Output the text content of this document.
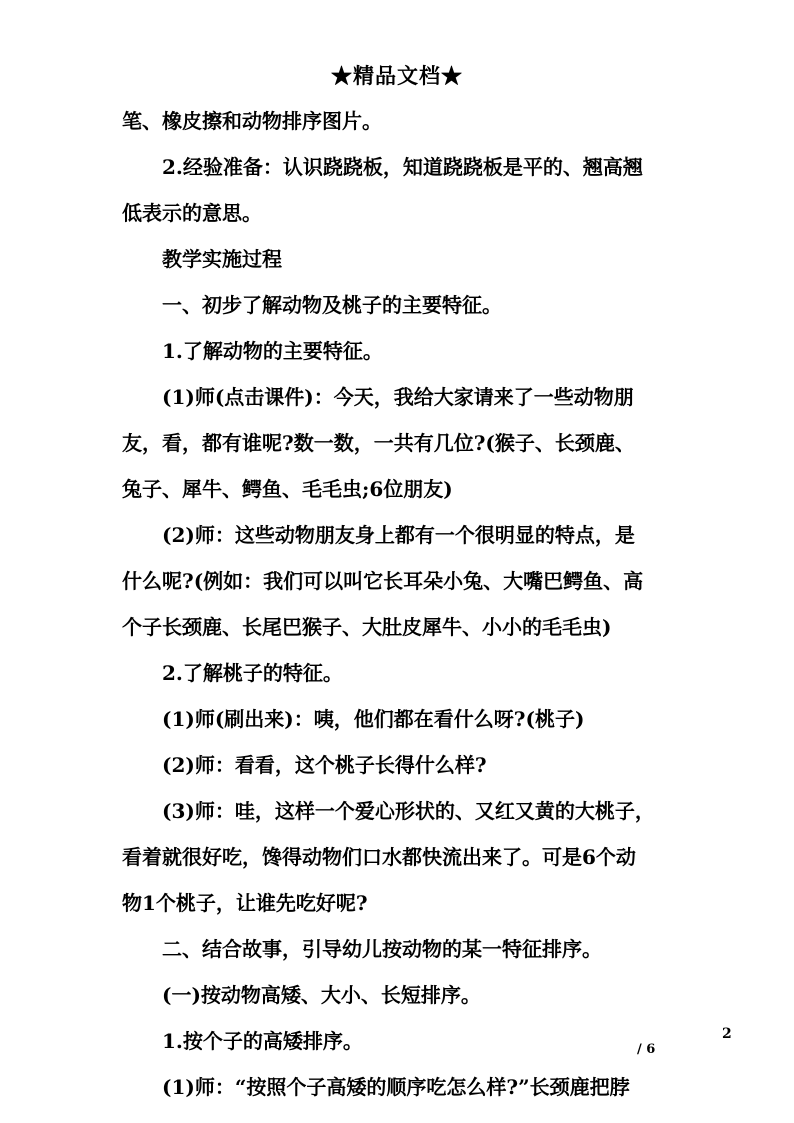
★精品文档★
笔、橡皮擦和动物排序图片。
2.经验准备：认识跷跷板，知道跷跷板是平的、翘高翘
低表示的意思。
教学实施过程
一、初步了解动物及桃子的主要特征。
1.了解动物的主要特征。
(1)师(点击课件)：今天，我给大家请来了一些动物朋
友，看，都有谁呢?数一数，一共有几位?(猴子、长颈鹿、
兔子、犀牛、鳄鱼、毛毛虫;6位朋友)
(2)师：这些动物朋友身上都有一个很明显的特点，是
什么呢?(例如：我们可以叫它长耳朵小兔、大嘴巴鳄鱼、高
个子长颈鹿、长尾巴猴子、大肚皮犀牛、小小的毛毛虫)
2.了解桃子的特征。
(1)师(刷出来)：咦，他们都在看什么呀?(桃子)
(2)师：看看，这个桃子长得什么样?
(3)师：哇，这样一个爱心形状的、又红又黄的大桃子，
看着就很好吃，馋得动物们口水都快流出来了。可是6个动
物1个桃子，让谁先吃好呢?
二、结合故事，引导幼儿按动物的某一特征排序。
(一)按动物高矮、大小、长短排序。
1.按个子的高矮排序。
(1)师：“按照个子高矮的顺序吃怎么样?”长颈鹿把脖
2
/ 6
